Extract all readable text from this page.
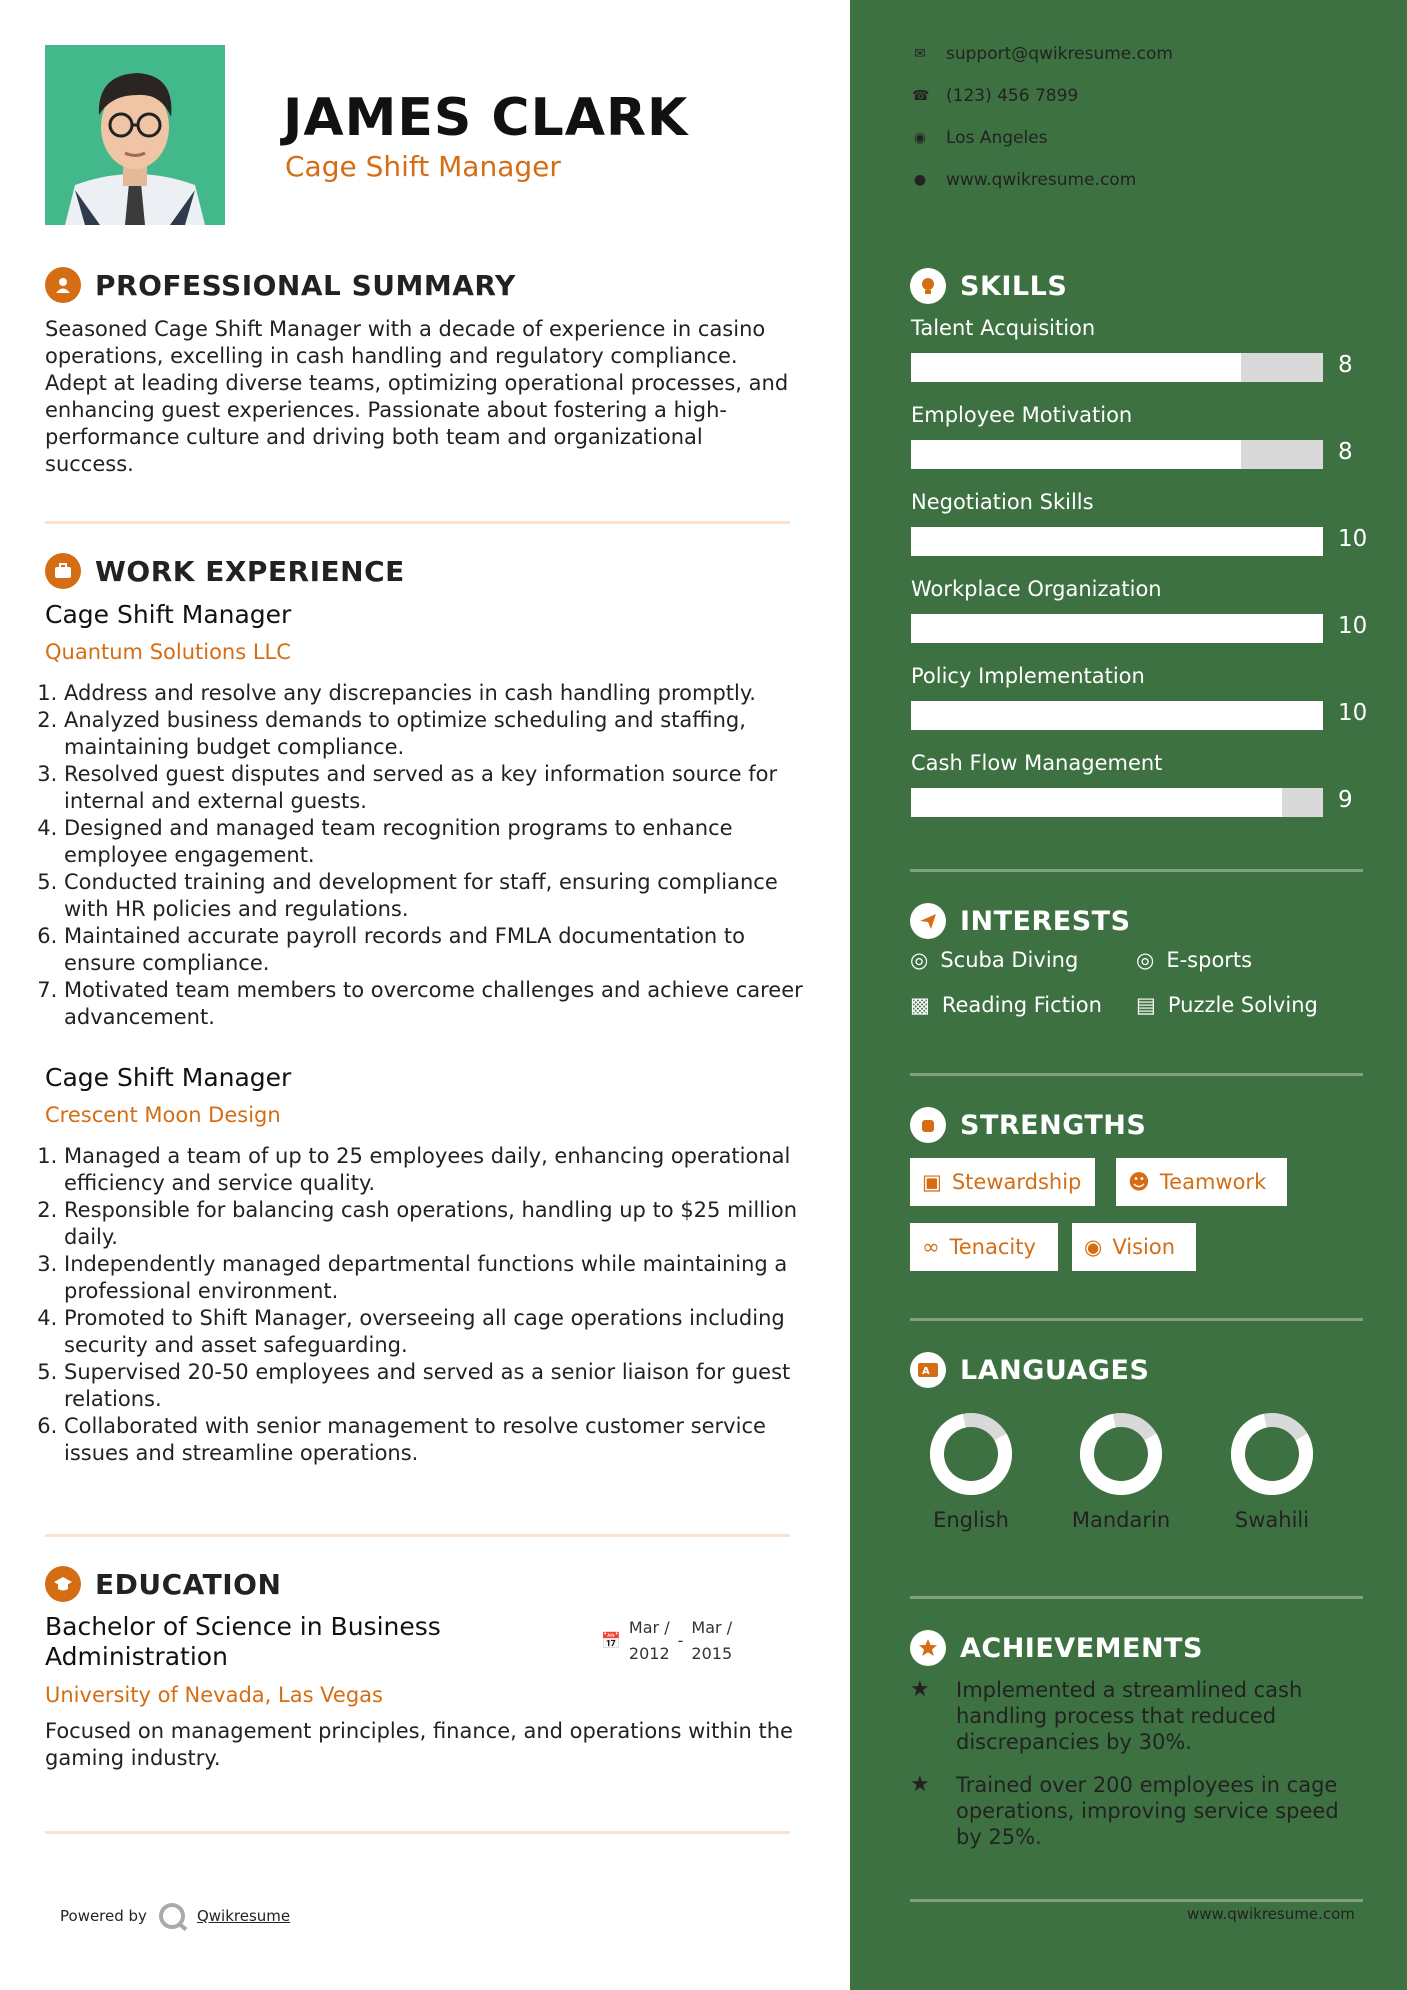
JAMES CLARK
Cage Shift Manager
PROFESSIONAL SUMMARY
Seasoned Cage Shift Manager with a decade of experience in casino operations, excelling in cash handling and regulatory compliance. Adept at leading diverse teams, optimizing operational processes, and enhancing guest experiences. Passionate about fostering a high-performance culture and driving both team and organizational success.
WORK EXPERIENCE
Cage Shift Manager
Quantum Solutions LLC
1. Address and resolve any discrepancies in cash handling promptly.
2. Analyzed business demands to optimize scheduling and staffing, maintaining budget compliance.
3. Resolved guest disputes and served as a key information source for internal and external guests.
4. Designed and managed team recognition programs to enhance employee engagement.
5. Conducted training and development for staff, ensuring compliance with HR policies and regulations.
6. Maintained accurate payroll records and FMLA documentation to ensure compliance.
7. Motivated team members to overcome challenges and achieve career advancement.
Cage Shift Manager
Crescent Moon Design
1. Managed a team of up to 25 employees daily, enhancing operational efficiency and service quality.
2. Responsible for balancing cash operations, handling up to $25 million daily.
3. Independently managed departmental functions while maintaining a professional environment.
4. Promoted to Shift Manager, overseeing all cage operations including security and asset safeguarding.
5. Supervised 20-50 employees and served as a senior liaison for guest relations.
6. Collaborated with senior management to resolve customer service issues and streamline operations.
EDUCATION
Bachelor of Science in Business
Administration
📅
Mar /
2012
-
Mar /
2015
University of Nevada, Las Vegas
Focused on management principles, finance, and operations within the gaming industry.
Powered by	Qwikresume
✉ support@qwikresume.com
☎ (123) 456 7899
◉ Los Angeles
● www.qwikresume.com
SKILLS
Talent Acquisition
8
Employee Motivation
8
Negotiation Skills
10
Workplace Organization
10
Policy Implementation
10
Cash Flow Management
9
INTERESTS
◎ Scuba Diving	◎ E-sports
▩ Reading Fiction ▤ Puzzle Solving
STRENGTHS
▣ Stewardship ☻ Teamwork
∞ Tenacity ◉ Vision
A LANGUAGES
English	Mandarin	Swahili
ACHIEVEMENTS
★	Implemented a streamlined cash handling process that reduced discrepancies by 30%.
★	Trained over 200 employees in cage operations, improving service speed by 25%.
www.qwikresume.com
